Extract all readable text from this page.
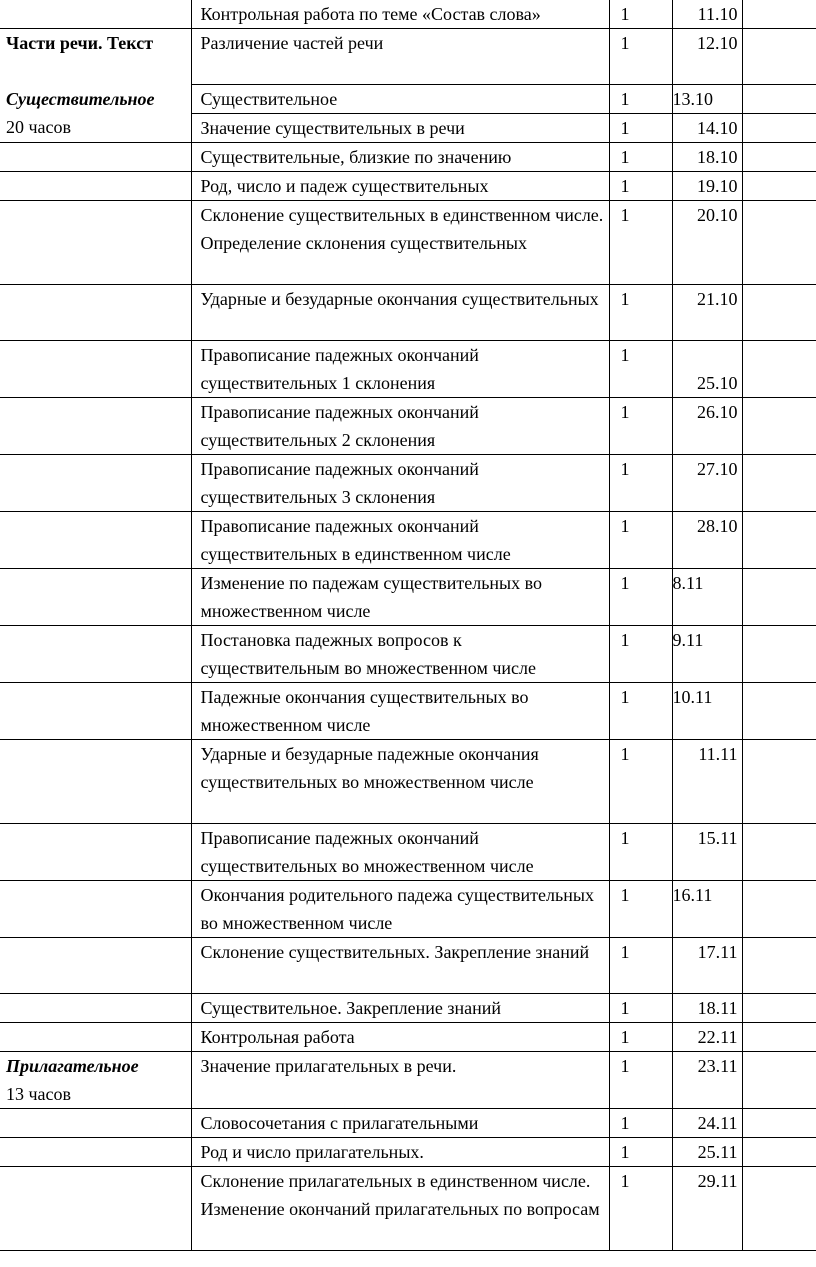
	Контрольная работа по теме «Состав слова»	1	11.10	

Части речи. Текст
Существительное
20 часов	Различение частей речи	1	12.10	
	Существительное	1	13.10	
	Значение существительных в речи	1	14.10	
	Существительные, близкие по значению	1	18.10	
	Род, число и падеж существительных	1	19.10	
	Склонение существительных в единственном числе. Определение склонения существительных	1	20.10	
	Ударные и безударные окончания существительных	1	21.10	
	Правописание падежных окончаний существительных 1 склонения	1	25.10	
	Правописание падежных окончаний существительных 2 склонения	1	26.10	
	Правописание падежных окончаний существительных 3 склонения	1	27.10	
	Правописание падежных окончаний существительных в единственном числе	1	28.10	
	Изменение по падежам существительных во множественном числе	1	8.11	
	Постановка падежных вопросов к существительным во множественном числе	1	9.11	
	Падежные окончания существительных во множественном числе	1	10.11	
	Ударные и безударные падежные окончания существительных во множественном числе	1	11.11	
	Правописание падежных окончаний существительных во множественном числе	1	15.11	
	Окончания родительного падежа существительных во множественном числе	1	16.11	
	Склонение существительных. Закрепление знаний	1	17.11	
	Существительное. Закрепление знаний	1	18.11	
	Контрольная работа	1	22.11	

Прилагательное
13 часов	Значение прилагательных в речи.	1	23.11	
	Словосочетания с прилагательными	1	24.11	
	Род и число прилагательных.	1	25.11	
	Склонение прилагательных в единственном числе. Изменение окончаний прилагательных по вопросам	1	29.11	
